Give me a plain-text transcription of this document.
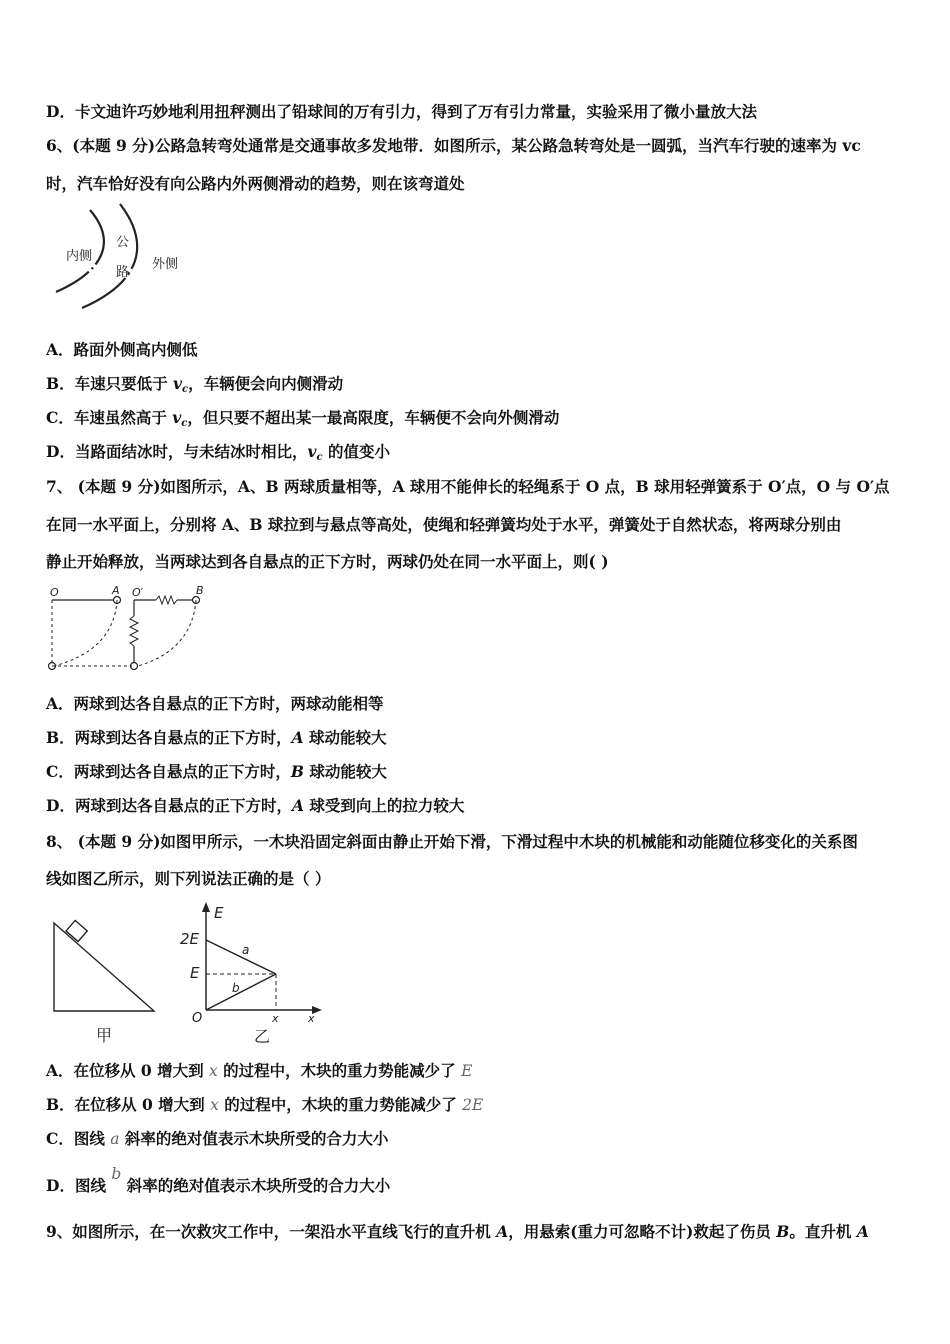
D．卡文迪许巧妙地利用扭秤测出了铅球间的万有引力，得到了万有引力常量，实验采用了微小量放大法
6、(本题 9 分)公路急转弯处通常是交通事故多发地带．如图所示，某公路急转弯处是一圆弧，当汽车行驶的速率为 vc
时，汽车恰好没有向公路内外两侧滑动的趋势，则在该弯道处
内侧
公
路
外侧
A．路面外侧高内侧低
B．车速只要低于 $v_c$，车辆便会向内侧滑动
C．车速虽然高于 $v_c$，但只要不超出某一最高限度，车辆便不会向外侧滑动
D．当路面结冰时，与未结冰时相比，$v_c$ 的值变小
7、 (本题 9 分)如图所示，A、B 两球质量相等，A 球用不能伸长的轻绳系于 O 点，B 球用轻弹簧系于 O′点，O 与 O′点
在同一水平面上，分别将 A、B 球拉到与悬点等高处，使绳和轻弹簧均处于水平，弹簧处于自然状态，将两球分别由
静止开始释放，当两球达到各自悬点的正下方时，两球仍处在同一水平面上，则( )
O	A O′	B
A．两球到达各自悬点的正下方时，两球动能相等
B．两球到达各自悬点的正下方时，A 球动能较大
C．两球到达各自悬点的正下方时，B 球动能较大
D．两球到达各自悬点的正下方时，A 球受到向上的拉力较大
8、 (本题 9 分)如图甲所示，一木块沿固定斜面由静止开始下滑，下滑过程中木块的机械能和动能随位移变化的关系图
线如图乙所示，则下列说法正确的是（ ）
甲
E
2E
E
a
b
O	x	x
乙
A．在位移从 0 增大到 x 的过程中，木块的重力势能减少了 E
B．在位移从 0 增大到 x 的过程中，木块的重力势能减少了 2E
C．图线 a 斜率的绝对值表示木块所受的合力大小
D．图线 b 斜率的绝对值表示木块所受的合力大小
9、如图所示，在一次救灾工作中，一架沿水平直线飞行的直升机 A，用悬索(重力可忽略不计)救起了伤员 B。直升机 A
